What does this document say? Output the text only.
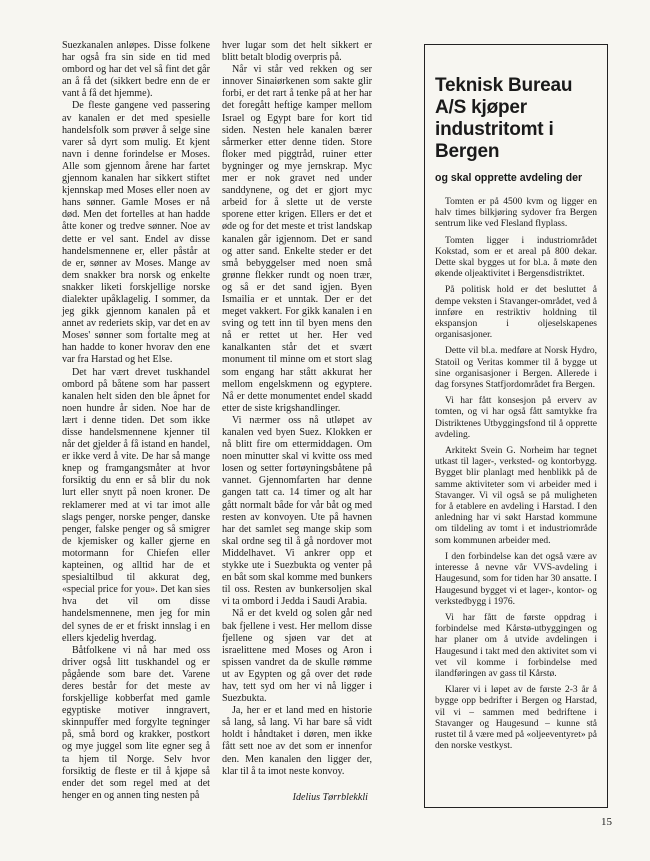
Suezkanalen anløpes. Disse folkene har også fra sin side en tid med ombord og har det vel så fint det går an å få det (sikkert bedre enn de er vant å få det hjemme).

De fleste gangene ved passering av kanalen er det med spesielle handelsfolk som prøver å selge sine varer så dyrt som mulig. Et kjent navn i denne forindelse er Moses. Alle som gjennom årene har fartet gjennom kanalen har sikkert stiftet kjennskap med Moses eller noen av hans sønner. Gamle Moses er nå død. Men det fortelles at han hadde åtte koner og tredve sønner. Noe av dette er vel sant. Endel av disse handelsmennene er, eller påstår at de er, sønner av Moses. Mange av dem snakker bra norsk og enkelte snakker liketi forskjellige norske dialekter upåklagelig. I sommer, da jeg gikk gjennom kanalen på et annet av rederiets skip, var det en av Moses' sønner som fortalte meg at han hadde to koner hvorav den ene var fra Harstad og het Else.

Det har vært drevet tuskhandel ombord på båtene som har passert kanalen helt siden den ble åpnet for noen hundre år siden. Noe har de lært i denne tiden. Det som ikke disse handelsmennene kjenner til når det gjelder å få istand en handel, er ikke verd å vite. De har så mange knep og framgangsmåter at hvor forsiktig du enn er så blir du nok lurt eller snytt på noen kroner. De reklamerer med at vi tar imot alle slags penger, norske penger, danske penger, falske penger og så smigrer de kjemisker og kaller gjerne en motormann for Chiefen eller kapteinen, og alltid har de et spesialtilbud til akkurat deg, «special price for you». Det kan sies hva det vil om disse handelsmennene, men jeg for min del synes de er et friskt innslag i en ellers kjedelig hverdag.

Båtfolkene vi nå har med oss driver også litt tuskhandel og er pågående som bare det. Varene deres består for det meste av forskjellige kobberfat med gamle egyptiske motiver inngravert, skinnpuffer med forgylte tegninger på, små bord og krakker, postkort og myе juggel som lite egner seg å ta hjem til Norge. Selv hvor forsiktig de fleste er til å kjøpe så ender det som regel med at det henger en og annen ting nesten på

hver lugar som det helt sikkert er blitt betalt blodig overpris på.

Når vi står ved rekken og ser innover Sinaiørkenen som sakte glir forbi, er det rart å tenke på at her har det foregått heftige kamper mellom Israel og Egypt bare for kort tid siden. Nesten hele kanalen bærer sårmerker etter denne tiden. Store floker med piggtråd, ruiner etter bygninger og mye jernskrap. Myc mer er nok gravet ned under sanddynene, og det er gjort myc arbeid for å slette ut de verste sporene etter krigen. Ellers er det et øde og for det meste et trist landskap kanalen går igjennom. Det er sand og atter sand. Enkelte steder er det små bebyggelser med noen små grønne flekker rundt og noen trær, og så er det sand igjen. Byen Ismailia er et unntak. Der er det meget vakkert. For gikk kanalen i en sving og tett inn til byen mens den nå er rettet ut her. Her ved kanalkanten står det et svært monument til minne om et stort slag som engang har stått akkurat her mellom engelskmenn og egyptere. Nå er dette monumentet endel skadd etter de siste krigshandlinger.

Vi nærmer oss nå utløpet av kanalen ved byen Suez. Klokken er nå blitt fire om ettermiddagen. Om noen minutter skal vi kvitte oss med losen og setter fortøyningsbåtene på vannet. Gjennomfarten har denne gangen tatt ca. 14 timer og alt har gått normalt både for vår båt og med resten av konvoyen. Ute på havnen har det samlet seg mange skip som skal ordne seg til å gå nordover mot Middelhavet. Vi ankrer opp et stykke ute i Suezbukta og venter på en båt som skal komme med bunkers til oss. Resten av bunkersoljen skal vi ta ombord i Jedda i Saudi Arabia.

Nå er det kveld og solen går ned bak fjellene i vest. Her mellom disse fjellene og sjøen var det at israelittene med Moses og Aron i spissen vandret da de skulle rømme ut av Egypten og gå over det røde hav, tett syd om her vi nå ligger i Suezbukta.

Ja, her er et land med en historie så lang, så lang. Vi har bare så vidt holdt i håndtaket i døren, men ikke fått sett noe av det som er innenfor den. Men kanalen den ligger der, klar til å ta imot neste konvoy.

Idelius Tørrblekkli

Teknisk Bureau A/S kjøper industritomt i Bergen
og skal opprette avdeling der

Tomten er på 4500 kvm og ligger en halv times bilkjøring sydover fra Bergen sentrum like ved Flesland flyplass.

Tomten ligger i industriområdet Kokstad, som er et areal på 800 dekar. Dette skal bygges ut for bl.a. å møte den økende oljeaktivitet i Bergensdistriktet.

På politisk hold er det besluttet å dempe veksten i Stavanger-området, ved å innføre en restriktiv holdning til ekspansjon i oljeselskapenes organisasjoner.

Dette vil bl.a. medføre at Norsk Hydro, Statoil og Veritas kommer til å bygge ut sine organisasjoner i Bergen. Allerede i dag forsynes Statfjordområdet fra Bergen.

Vi har fått konsesjon på erverv av tomten, og vi har også fått samtykke fra Distriktenes Utbyggingsfond til å opprette avdeling.

Arkitekt Svein G. Norheim har tegnet utkast til lager-, verksted- og kontorbygg. Bygget blir planlagt med henblikk på de samme aktiviteter som vi arbeider med i Stavanger. Vi vil også se på muligheten for å etablere en avdeling i Harstad. I den anledning har vi søkt Harstad kommune om tildeling av tomt i et industriområde som kommunen arbeider med.

I den forbindelse kan det også være av interesse å nevne vår VVS-avdeling i Haugesund, som for tiden har 30 ansatte. I Haugesund bygget vi et lager-, kontor- og verkstedbygg i 1976.

Vi har fått de første oppdrag i forbindelse med Kårstø-utbyggingen og har planer om å utvide avdelingen i Haugesund i takt med den aktivitet som vi vet vil komme i forbindelse med ilandføringen av gass til Kårstø.

Klarer vi i løpet av de første 2-3 år å bygge opp bedrifter i Bergen og Harstad, vil vi – sammen med bedriftene i Stavanger og Haugesund – kunne stå rustet til å være med på «oljeeventyret» på den norske vestkyst.

15
